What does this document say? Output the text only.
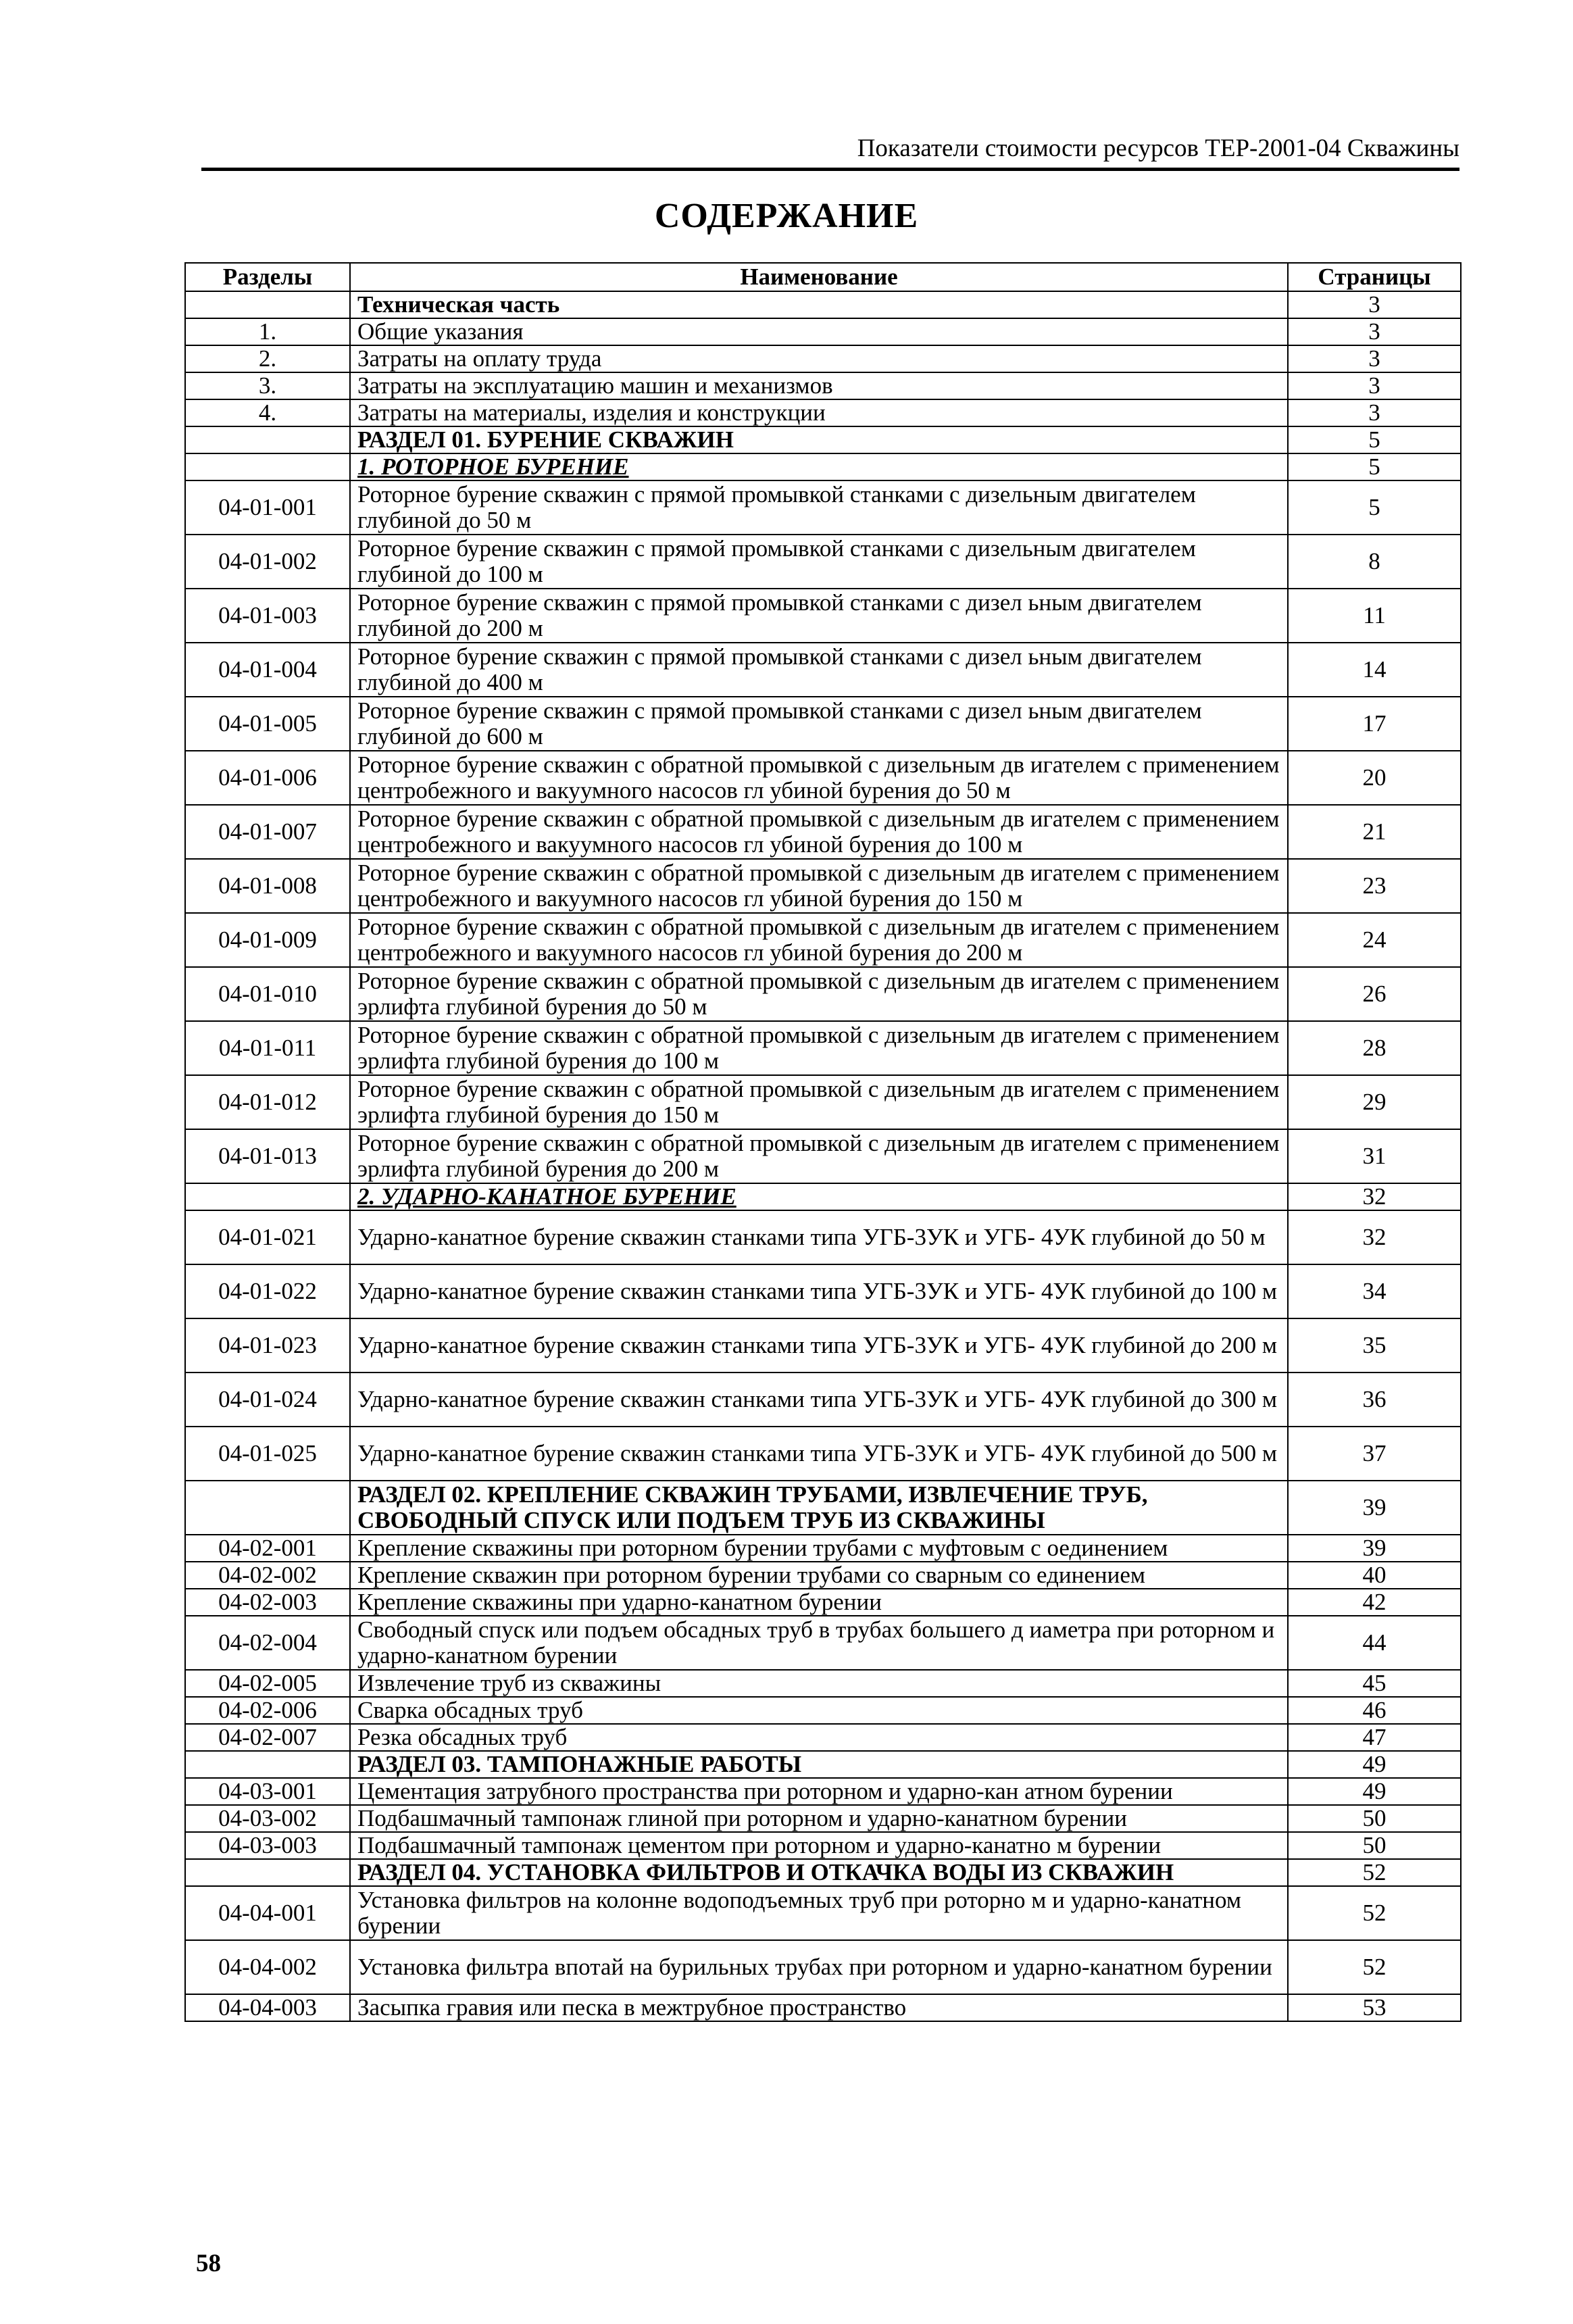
Показатели стоимости ресурсов ТЕР-2001-04 Скважины
СОДЕРЖАНИЕ
Разделы	Наименование	Страницы
	Техническая часть	3
1.	Общие указания	3
2.	Затраты на оплату труда	3
3.	Затраты на эксплуатацию машин и механизмов	3
4.	Затраты на материалы, изделия и конструкции	3
	РАЗДЕЛ 01. БУРЕНИЕ СКВАЖИН	5
	1. РОТОРНОЕ БУРЕНИЕ	5
04-01-001	Роторное бурение скважин с прямой промывкой станками с дизельным двигателем глубиной до 50 м	5
04-01-002	Роторное бурение скважин с прямой промывкой станками с дизельным двигателем глубиной до 100 м	8
04-01-003	Роторное бурение скважин с прямой промывкой станками с дизел ьным двигателем глубиной до 200 м	11
04-01-004	Роторное бурение скважин с прямой промывкой станками с дизел ьным двигателем глубиной до 400 м	14
04-01-005	Роторное бурение скважин с прямой промывкой станками с дизел ьным двигателем глубиной до 600 м	17
04-01-006	Роторное бурение скважин с обратной промывкой с дизельным дв игателем с применением центробежного и вакуумного насосов гл убиной бурения до 50 м	20
04-01-007	Роторное бурение скважин с обратной промывкой с дизельным дв игателем с применением центробежного и вакуумного насосов гл убиной бурения до 100 м	21
04-01-008	Роторное бурение скважин с обратной промывкой с дизельным дв игателем с применением центробежного и вакуумного насосов гл убиной бурения до 150 м	23
04-01-009	Роторное бурение скважин с обратной промывкой с дизельным дв игателем с применением центробежного и вакуумного насосов гл убиной бурения до 200 м	24
04-01-010	Роторное бурение скважин с обратной промывкой с дизельным дв игателем с применением эрлифта глубиной бурения до 50 м	26
04-01-011	Роторное бурение скважин с обратной промывкой с дизельным дв игателем с применением эрлифта глубиной бурения до 100 м	28
04-01-012	Роторное бурение скважин с обратной промывкой с дизельным дв игателем с применением эрлифта глубиной бурения до 150 м	29
04-01-013	Роторное бурение скважин с обратной промывкой с дизельным дв игателем с применением эрлифта глубиной бурения до 200 м	31
	2. УДАРНО-КАНАТНОЕ БУРЕНИЕ	32
04-01-021	Ударно-канатное бурение скважин станками типа УГБ-3УК и УГБ- 4УК глубиной до 50 м	32
04-01-022	Ударно-канатное бурение скважин станками типа УГБ-3УК и УГБ- 4УК глубиной до 100 м	34
04-01-023	Ударно-канатное бурение скважин станками типа УГБ-3УК и УГБ- 4УК глубиной до 200 м	35
04-01-024	Ударно-канатное бурение скважин станками типа УГБ-3УК и УГБ- 4УК глубиной до 300 м	36
04-01-025	Ударно-канатное бурение скважин станками типа УГБ-3УК и УГБ- 4УК глубиной до 500 м	37
	РАЗДЕЛ 02. КРЕПЛЕНИЕ СКВАЖИН ТРУБАМИ, ИЗВЛЕЧЕНИЕ ТРУБ, СВОБОДНЫЙ СПУСК ИЛИ ПОДЪЕМ ТРУБ ИЗ СКВАЖИНЫ	39
04-02-001	Крепление скважины при роторном бурении трубами с муфтовым с оединением	39
04-02-002	Крепление скважин при роторном бурении трубами со сварным со единением	40
04-02-003	Крепление скважины при ударно-канатном бурении	42
04-02-004	Свободный спуск или подъем обсадных труб в трубах большего д иаметра при роторном и ударно-канатном бурении	44
04-02-005	Извлечение труб из скважины	45
04-02-006	Сварка обсадных труб	46
04-02-007	Резка обсадных труб	47
	РАЗДЕЛ 03. ТАМПОНАЖНЫЕ РАБОТЫ	49
04-03-001	Цементация затрубного пространства при роторном и ударно-кан атном бурении	49
04-03-002	Подбашмачный тампонаж глиной при роторном и ударно-канатном бурении	50
04-03-003	Подбашмачный тампонаж цементом при роторном и ударно-канатно м бурении	50
	РАЗДЕЛ 04. УСТАНОВКА ФИЛЬТРОВ И ОТКАЧКА ВОДЫ ИЗ СКВАЖИН	52
04-04-001	Установка фильтров на колонне водоподъемных труб при роторно м и ударно-канатном бурении	52
04-04-002	Установка фильтра впотай на бурильных трубах при роторном и ударно-канатном бурении	52
04-04-003	Засыпка гравия или песка в межтрубное пространство	53
58
